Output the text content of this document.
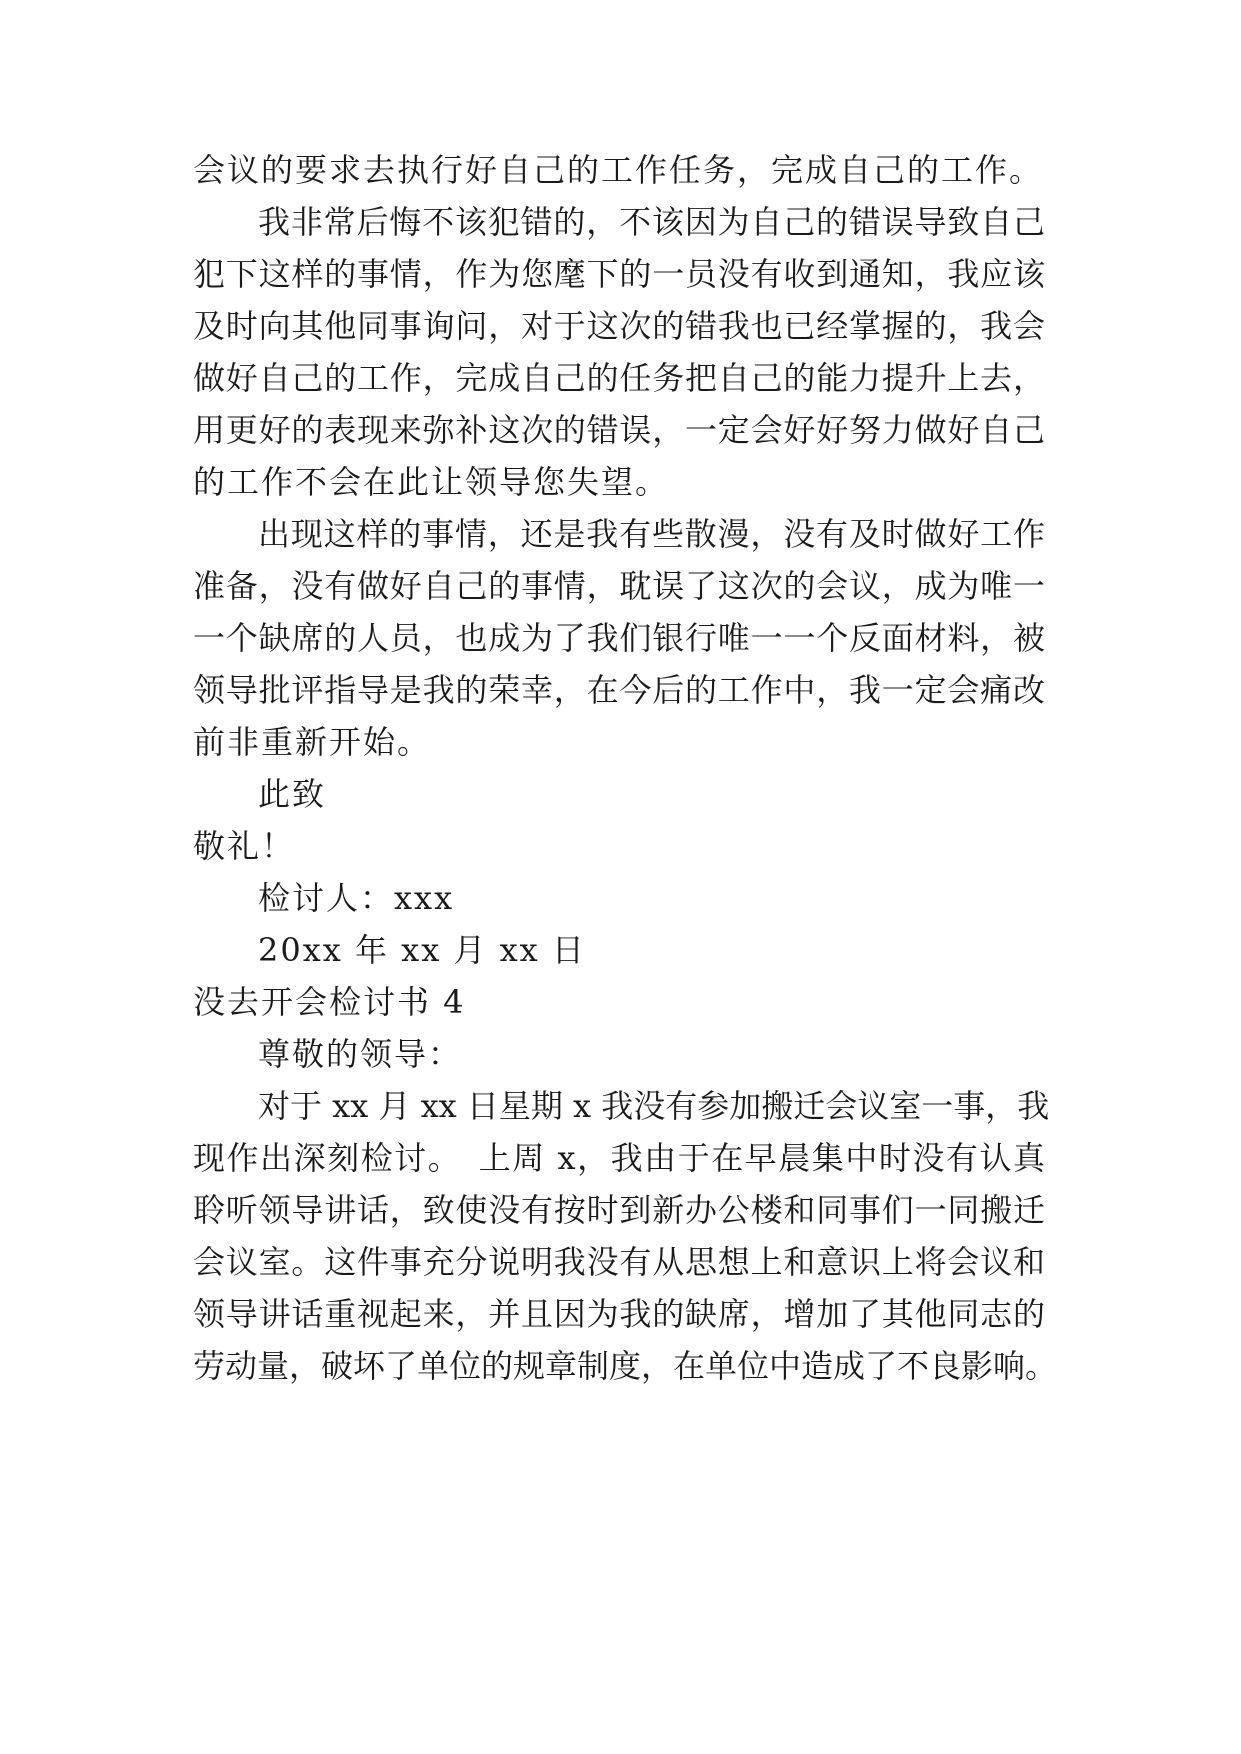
会议的要求去执行好自己的工作任务，完成自己的工作。
我非常后悔不该犯错的，不该因为自己的错误导致自己
犯下这样的事情，作为您麾下的一员没有收到通知，我应该
及时向其他同事询问，对于这次的错我也已经掌握的，我会
做好自己的工作，完成自己的任务把自己的能力提升上去，
用更好的表现来弥补这次的错误，一定会好好努力做好自己
的工作不会在此让领导您失望。
出现这样的事情，还是我有些散漫，没有及时做好工作
准备，没有做好自己的事情，耽误了这次的会议，成为唯一
一个缺席的人员，也成为了我们银行唯一一个反面材料，被
领导批评指导是我的荣幸，在今后的工作中，我一定会痛改
前非重新开始。
此致
敬礼！
检讨人：xxx
20xx 年 xx 月 xx 日
没去开会检讨书 4
尊敬的领导：
对于 xx 月 xx 日星期 x 我没有参加搬迁会议室一事，我
现作出深刻检讨。　上周 x，我由于在早晨集中时没有认真
聆听领导讲话，致使没有按时到新办公楼和同事们一同搬迁
会议室。这件事充分说明我没有从思想上和意识上将会议和
领导讲话重视起来，并且因为我的缺席，增加了其他同志的
劳动量，破坏了单位的规章制度，在单位中造成了不良影响。
